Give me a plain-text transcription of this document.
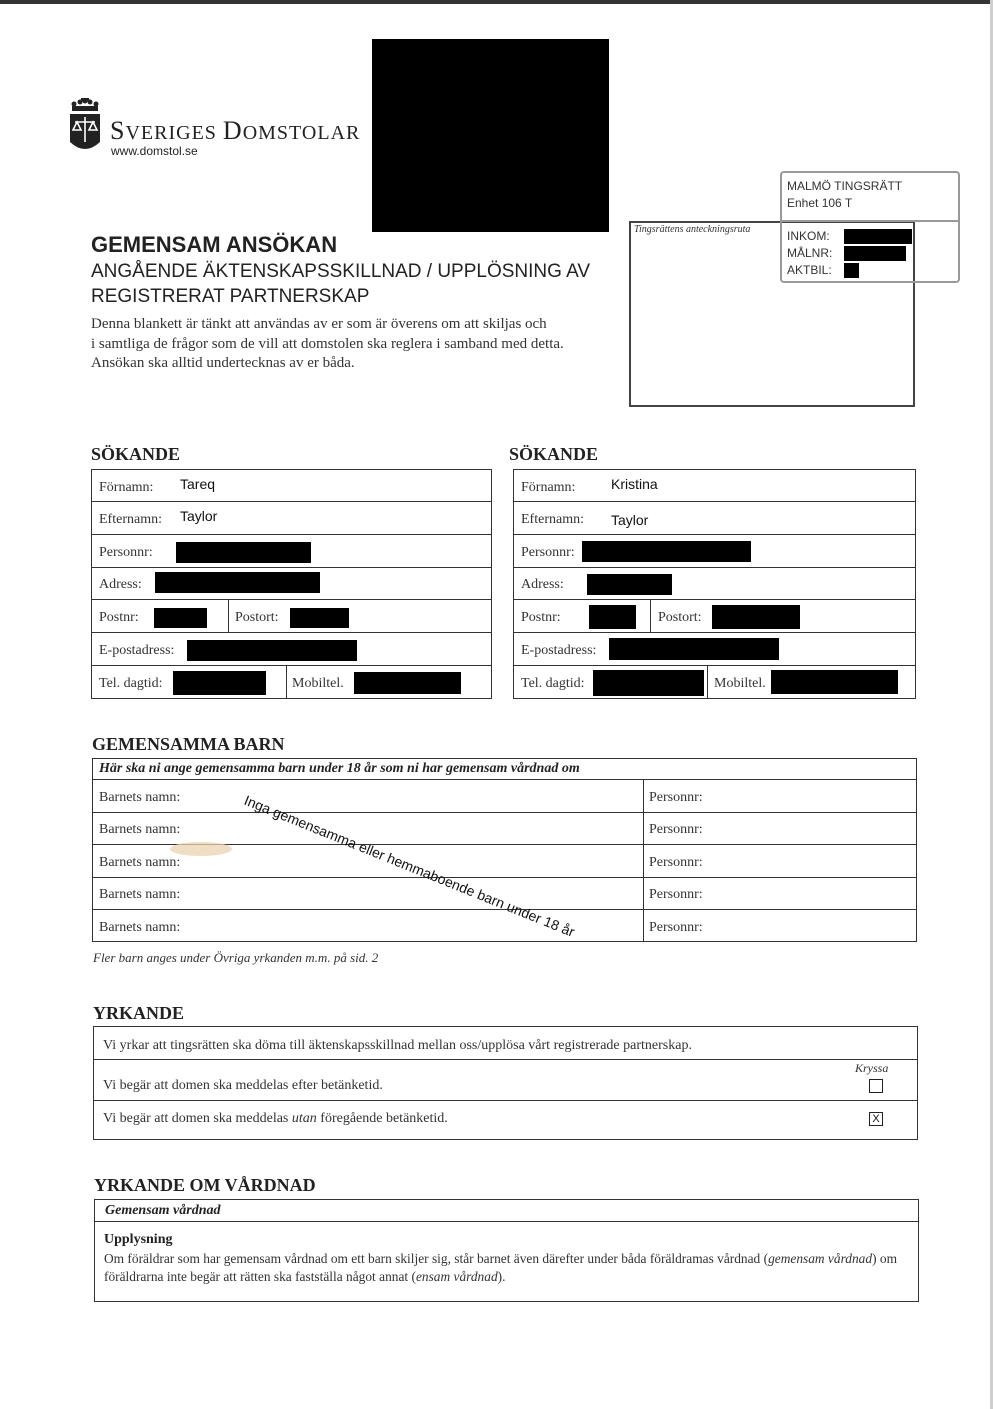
SVERIGES DOMSTOLAR
www.domstol.se
GEMENSAM ANSÖKAN
ANGÅENDE ÄKTENSKAPSSKILLNAD / UPPLÖSNING AV
REGISTRERAT PARTNERSKAP
Denna blankett är tänkt att användas av er som är överens om att skiljas och
i samtliga de frågor som de vill att domstolen ska reglera i samband med detta.
Ansökan ska alltid undertecknas av er båda.
Tingsrättens anteckningsruta
MALMÖ TINGSRÄTT
Enhet 106 T
INKOM:
MÅLNR:
AKTBIL:
SÖKANDE
Förnamn: Tareq
Efternamn: Taylor
Personnr:
Adress:
Postnr:	Postort:
E-postadress:
Tel. dagtid:	Mobiltel.
SÖKANDE
Förnamn:	Kristina
Efternamn: Taylor
Personnr:
Adress:
Postnr:	Postort:
E-postadress:
Tel. dagtid:	Mobiltel.
GEMENSAMMA BARN
Här ska ni ange gemensamma barn under 18 år som ni har gemensam vårdnad om
Barnets namn:	Personnr:
Barnets namn:	Personnr:
Barnets namn:	Personnr:
Barnets namn:	Personnr:
Barnets namn:	Personnr:
Inga gemensamma eller hemmaboende barn under 18 år
Fler barn anges under Övriga yrkanden m.m. på sid. 2
YRKANDE
Vi yrkar att tingsrätten ska döma till äktenskapsskillnad mellan oss/upplösa vårt registrerade partnerskap.
Kryssa
Vi begär att domen ska meddelas efter betänketid.
Vi begär att domen ska meddelas utan föregående betänketid.	X
YRKANDE OM VÅRDNAD
Gemensam vårdnad
Upplysning
Om föräldrar som har gemensam vårdnad om ett barn skiljer sig, står barnet även därefter under båda föräldramas vårdnad (gemensam vårdnad) om föräldrarna inte begär att rätten ska fastställa något annat (ensam vårdnad).
